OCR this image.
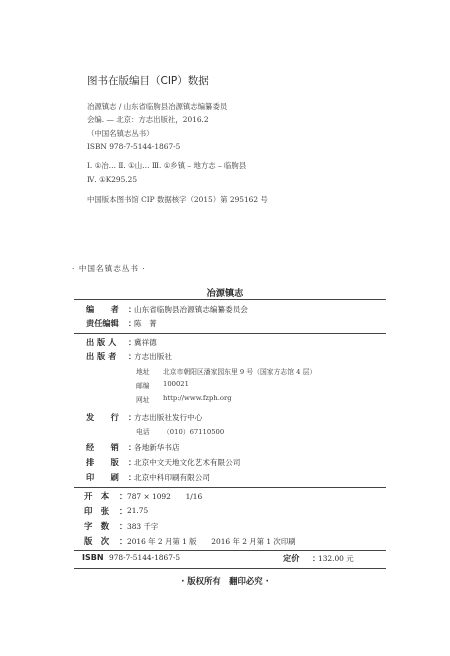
图书在版编目（CIP）数据
冶源镇志 / 山东省临朐县冶源镇志编纂委员
会编. — 北京：方志出版社，2016.2
（中国名镇志丛书）
ISBN 978-7-5144-1867-5
Ⅰ. ①冶… Ⅱ. ①山… Ⅲ. ①乡镇 – 地方志 – 临朐县
Ⅳ. ①K295.25
中国版本图书馆 CIP 数据核字（2015）第 295162 号
· 中国名镇志丛书 ·
冶源镇志
编　　者 ：
山东省临朐县冶源镇志编纂委员会
责任编辑 ：
陈　菁
出 版 人 ：
冀祥德
出 版 者 ：
方志出版社
地址 北京市朝阳区潘家园东里 9 号（国家方志馆 4 层）
邮编 100021
网址 http://www.fzph.org
发　　行 ：
方志出版社发行中心
电话 （010）67110500
经　　销 ：
各地新华书店
排　　版 ：
北京中文天地文化艺术有限公司
印　　刷 ：
北京中科印刷有限公司
开　本 ： 787 × 1092　　1/16
印　张 ： 21.75
字　数 ： 383 千字
版　次 ： 2016 年 2 月第 1 版　　2016 年 2 月第 1 次印刷
ISBN 978-7-5144-1867-5	定价 ：
132.00 元
· 版权所有　翻印必究 ·
